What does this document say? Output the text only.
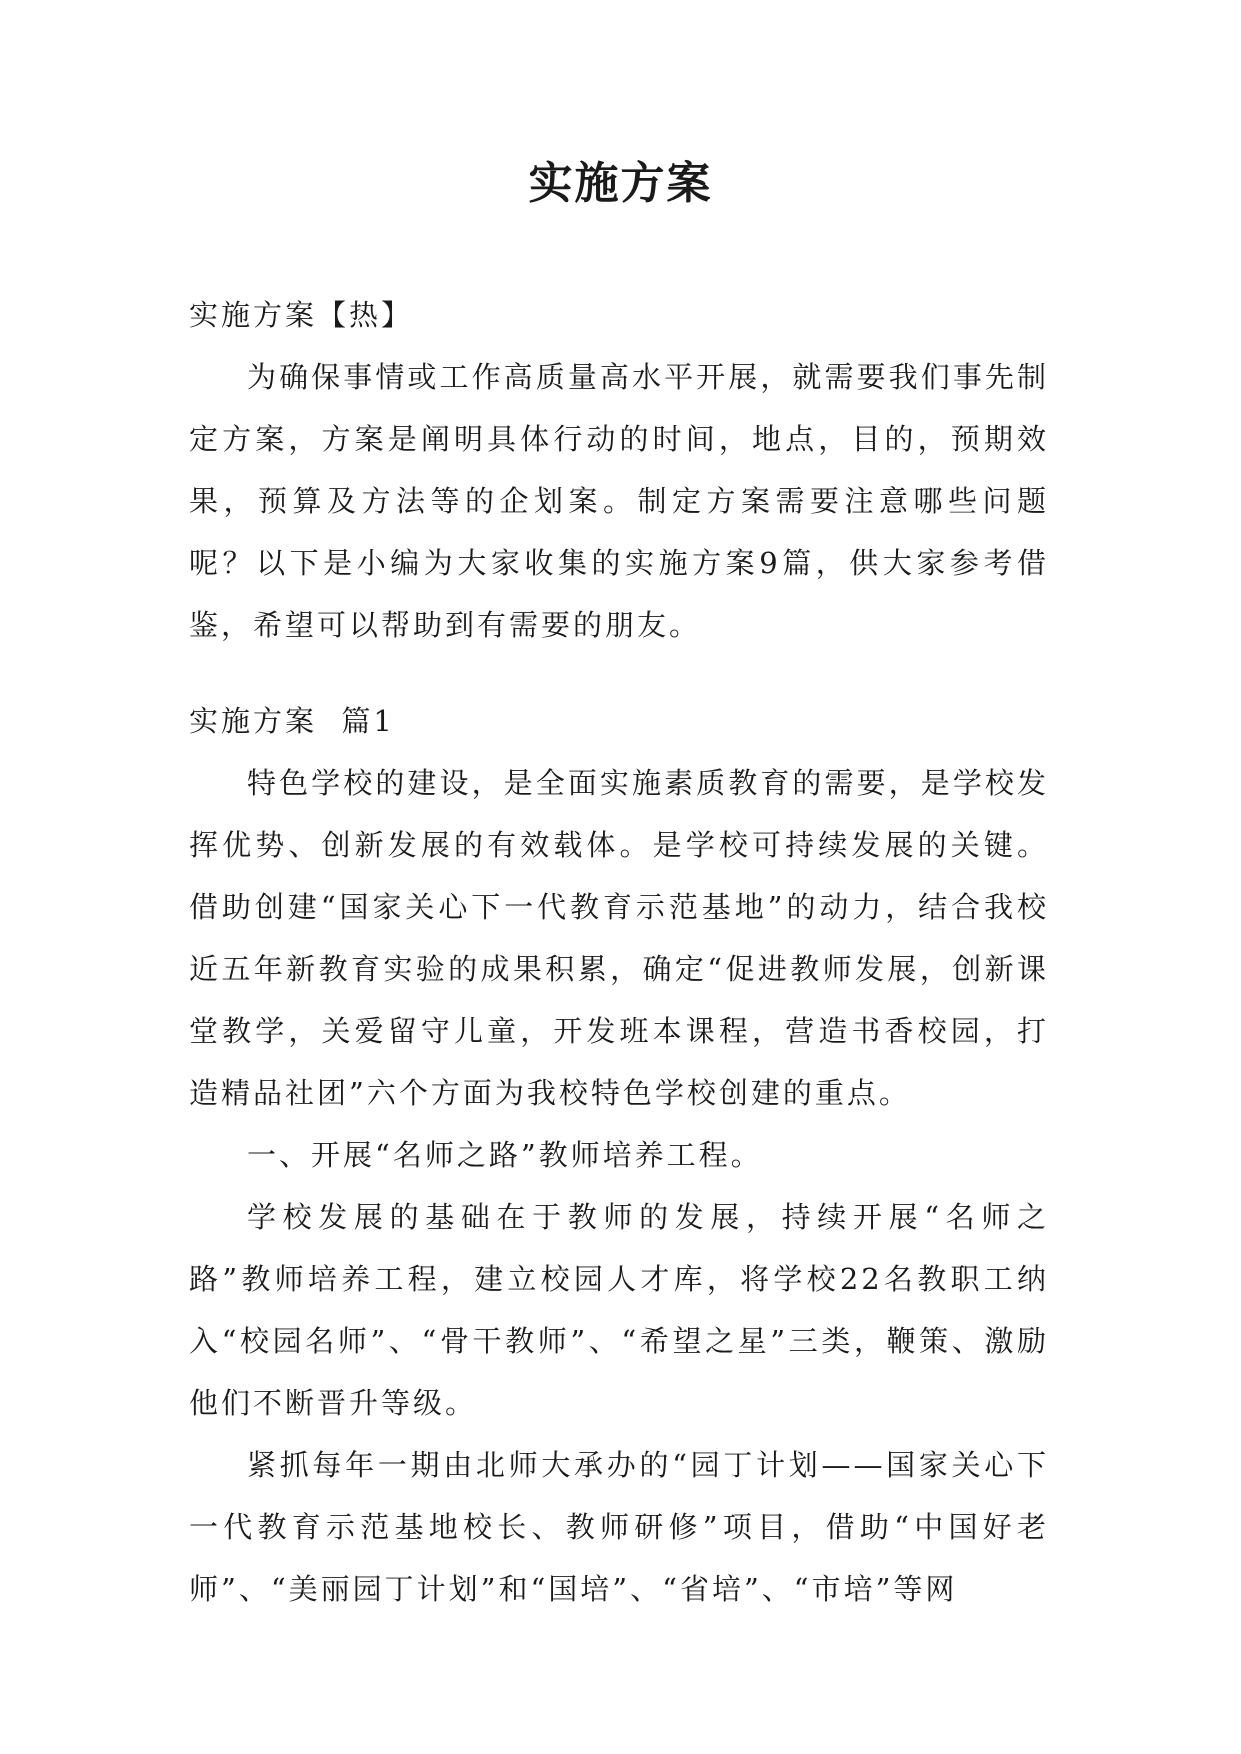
实施方案

实施方案【热】

为确保事情或工作高质量高水平开展，就需要我们事先制定方案，方案是阐明具体行动的时间，地点，目的，预期效果，预算及方法等的企划案。制定方案需要注意哪些问题呢？以下是小编为大家收集的实施方案9篇，供大家参考借鉴，希望可以帮助到有需要的朋友。

实施方案  篇1

特色学校的建设，是全面实施素质教育的需要，是学校发挥优势、创新发展的有效载体。是学校可持续发展的关键。借助创建“国家关心下一代教育示范基地”的动力，结合我校近五年新教育实验的成果积累，确定“促进教师发展，创新课堂教学，关爱留守儿童，开发班本课程，营造书香校园，打造精品社团”六个方面为我校特色学校创建的重点。

一、开展“名师之路”教师培养工程。

学校发展的基础在于教师的发展，持续开展“名师之路”教师培养工程，建立校园人才库，将学校22名教职工纳入“校园名师”、“骨干教师”、“希望之星”三类，鞭策、激励他们不断晋升等级。

紧抓每年一期由北师大承办的“园丁计划——国家关心下一代教育示范基地校长、教师研修”项目，借助“中国好老师”、“美丽园丁计划”和“国培”、“省培”、“市培”等网
